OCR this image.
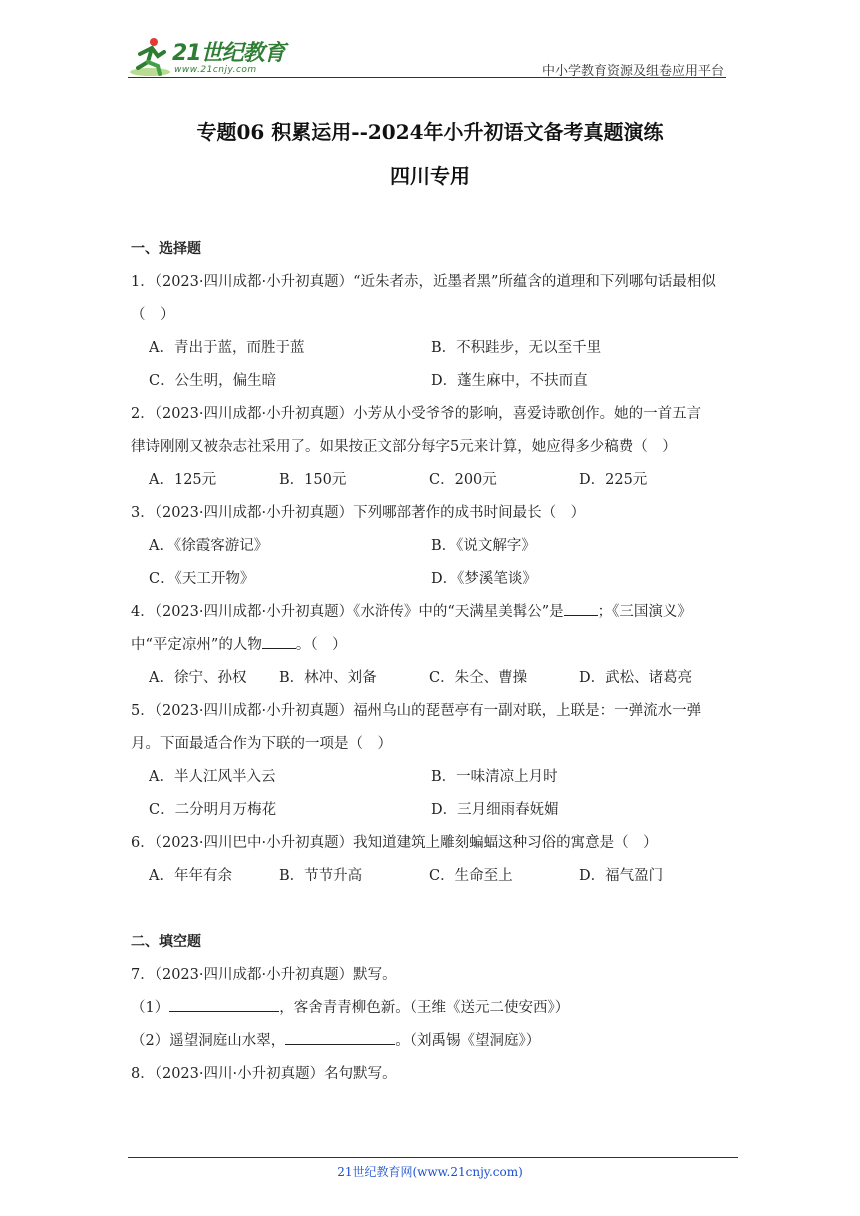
21世纪教育
www.21cnjy.com	中小学教育资源及组卷应用平台
专题06 积累运用--2024年小升初语文备考真题演练
四川专用
一、选择题
1．（2023·四川成都·小升初真题）“近朱者赤，近墨者黑”所蕴含的道理和下列哪句话最相似
（　）
A．青出于蓝，而胜于蓝	B．不积跬步，无以至千里
C．公生明，偏生暗	D．蓬生麻中，不扶而直
2．（2023·四川成都·小升初真题）小芳从小受爷爷的影响，喜爱诗歌创作。她的一首五言
律诗刚刚又被杂志社采用了。如果按正文部分每字5元来计算，她应得多少稿费（　）
A．125元	B．150元	C．200元	D．225元
3．（2023·四川成都·小升初真题）下列哪部著作的成书时间最长（　）
A．《徐霞客游记》	B．《说文解字》
C．《天工开物》	D．《梦溪笔谈》
4．（2023·四川成都·小升初真题）《水浒传》中的“天满星美髯公”是 ；《三国演义》
中“平定凉州”的人物 。（　）
A．徐宁、孙权	B．林冲、刘备	C．朱仝、曹操	D．武松、诸葛亮
5．（2023·四川成都·小升初真题）福州乌山的琵琶亭有一副对联，上联是：一弹流水一弹
月。下面最适合作为下联的一项是（　）
A．半人江风半入云	B．一味清凉上月时
C．二分明月万梅花	D．三月细雨春妩媚
6．（2023·四川巴中·小升初真题）我知道建筑上雕刻蝙蝠这种习俗的寓意是（　）
A．年年有余	B．节节升高	C．生命至上	D．福气盈门
二、填空题
7．（2023·四川成都·小升初真题）默写。
（1）	，客舍青青柳色新。（王维《送元二使安西》）
（2）遥望洞庭山水翠，	。（刘禹锡《望洞庭》）
8．（2023·四川·小升初真题）名句默写。
21世纪教育网(www.21cnjy.com)
